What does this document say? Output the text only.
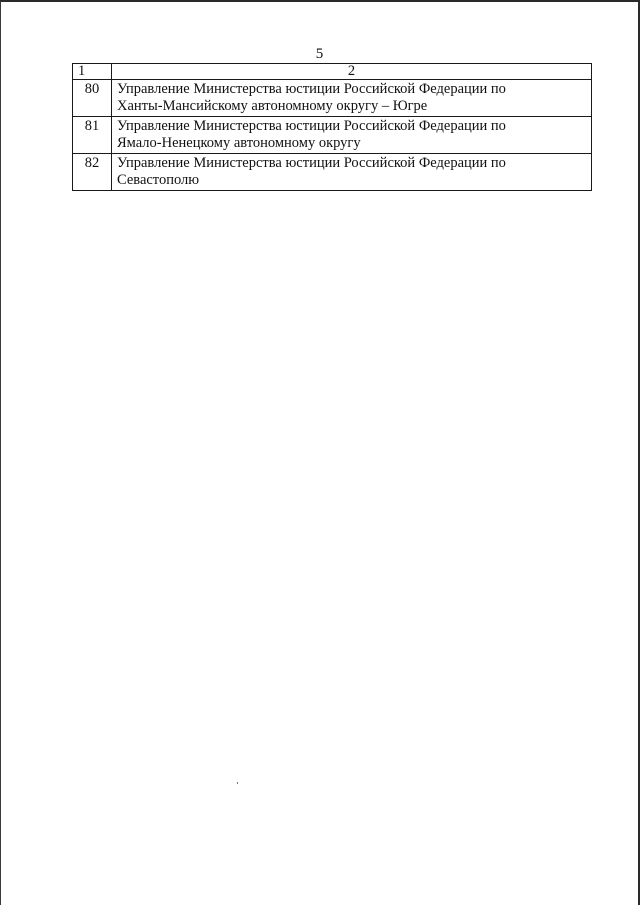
5
1	2
80	Управление Министерства юстиции Российской Федерации по
Ханты-Мансийскому автономному округу – Югре

81	Управление Министерства юстиции Российской Федерации по
Ямало-Ненецкому автономному округу

82	Управление Министерства юстиции Российской Федерации по
Севастополю
